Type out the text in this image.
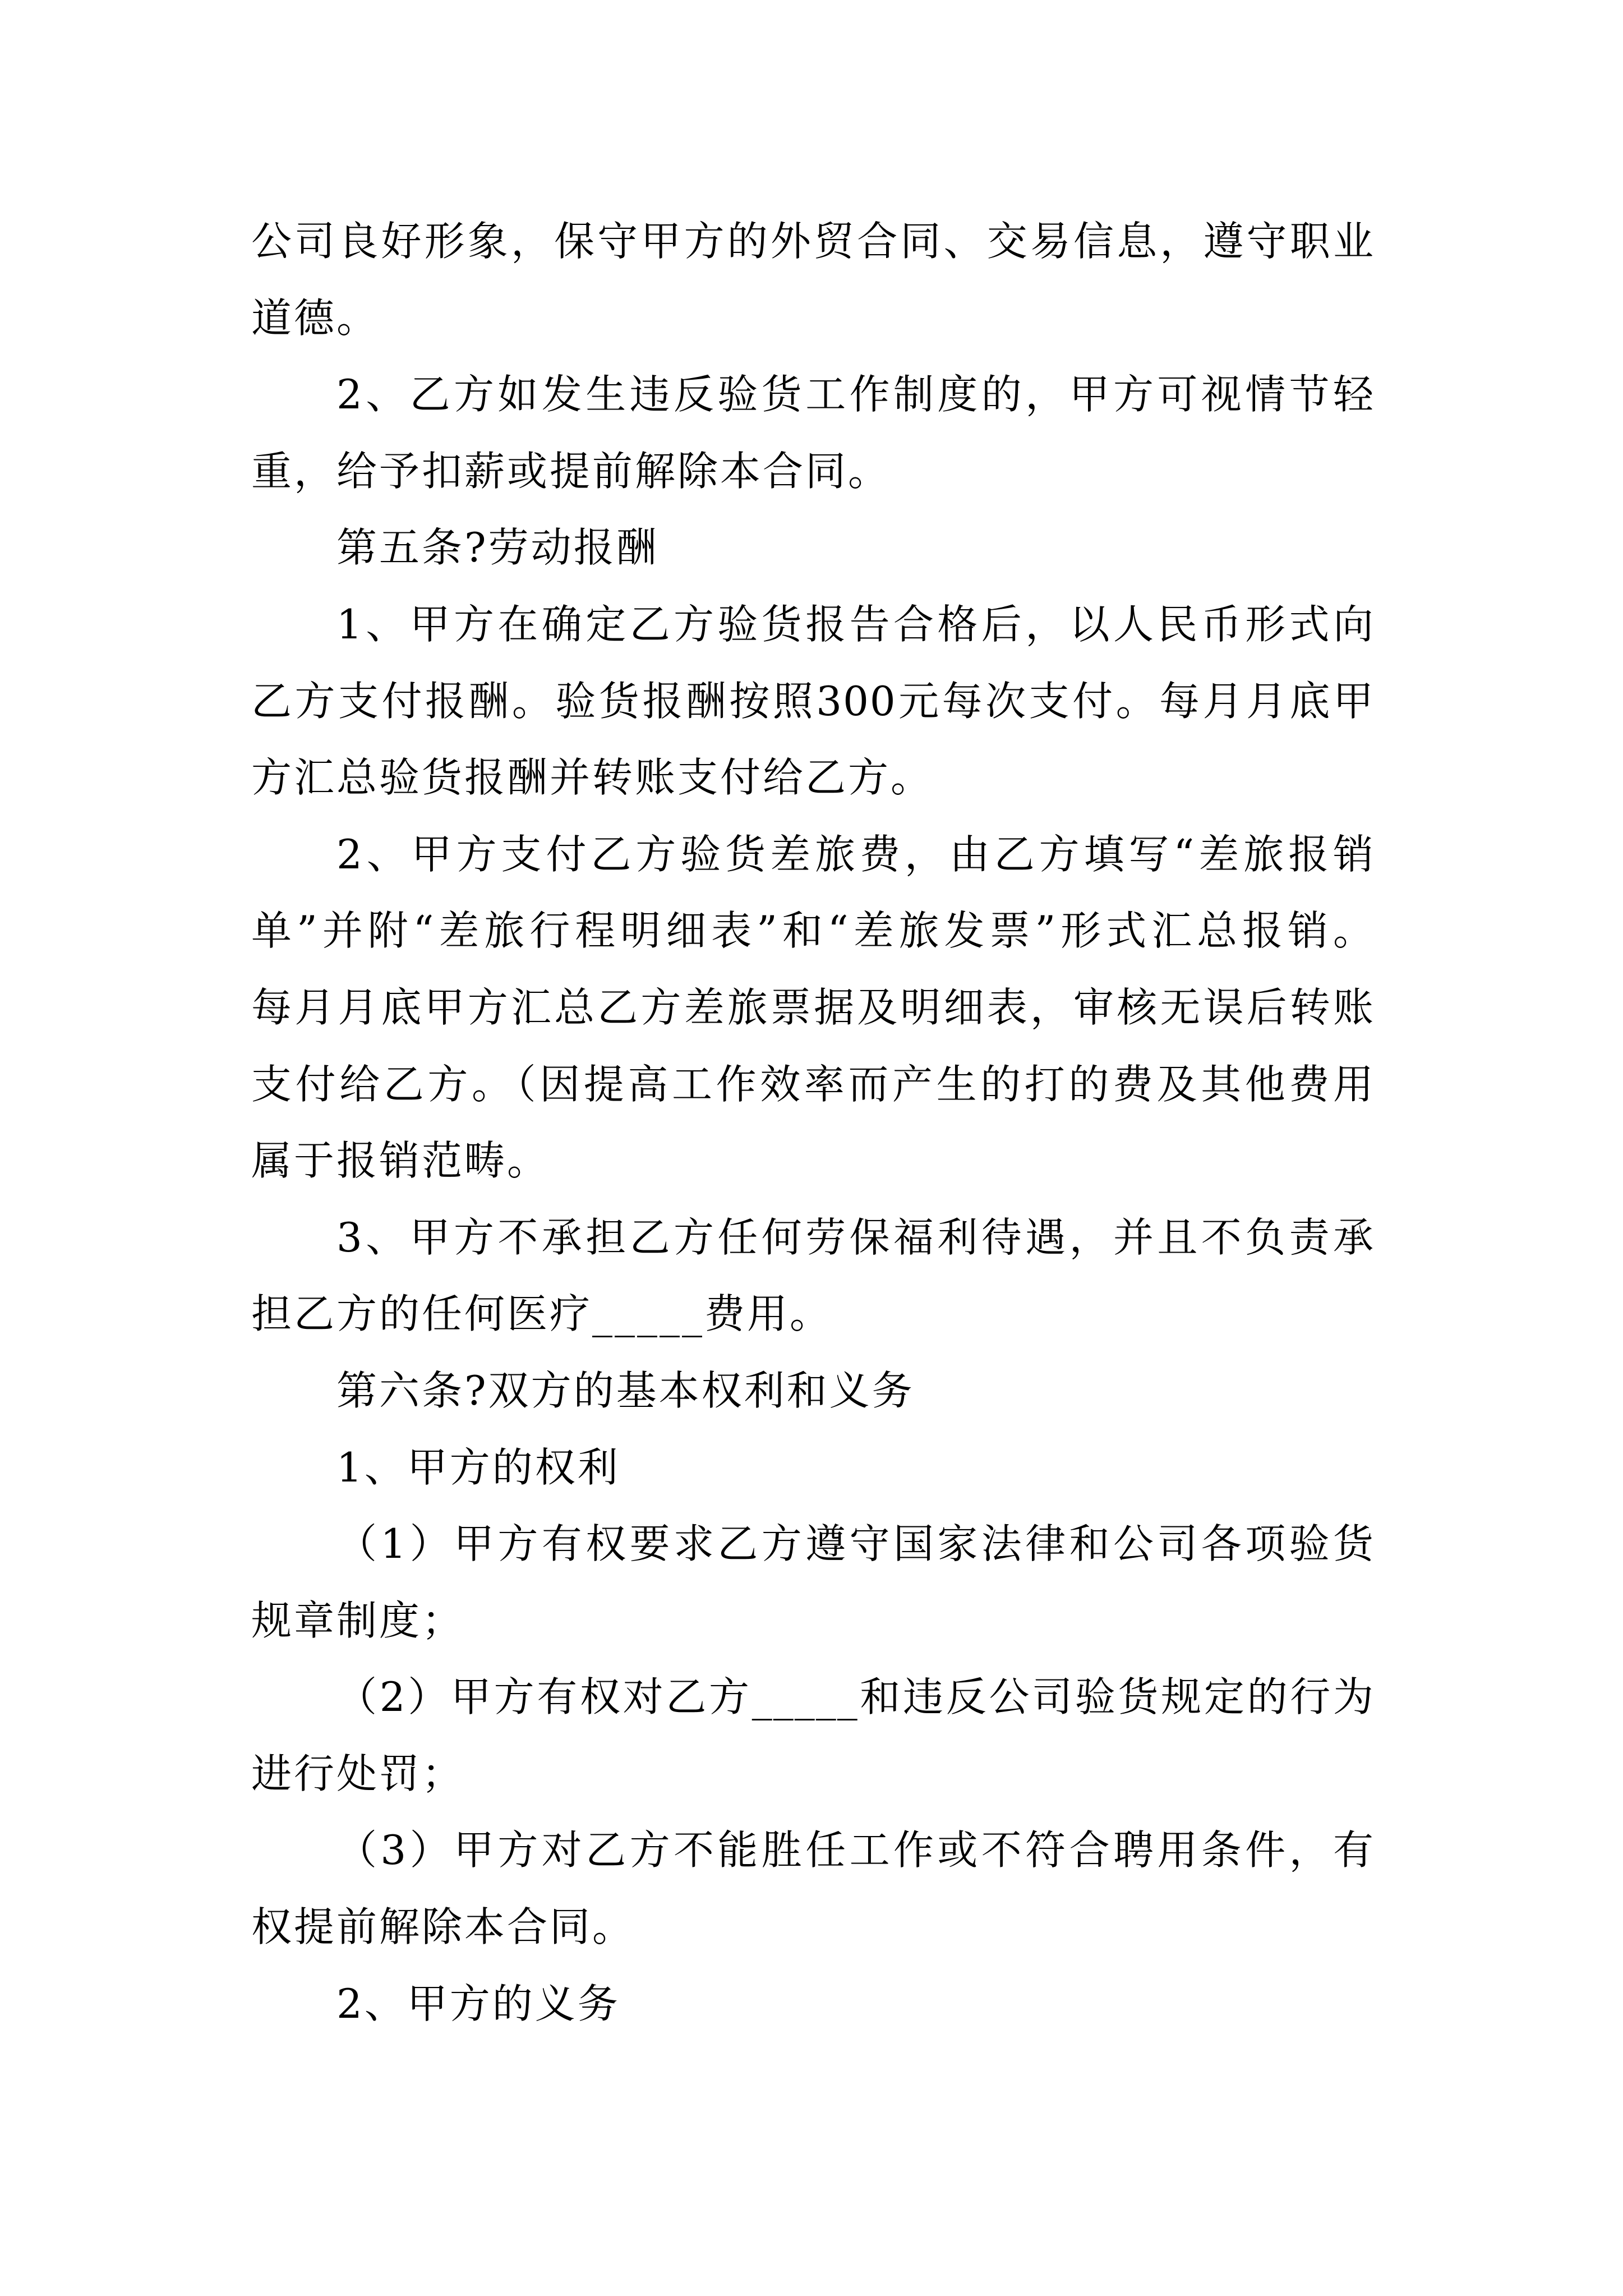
公司良好形象，保守甲方的外贸合同、交易信息，遵守职业
道德。
2、乙方如发生违反验货工作制度的，甲方可视情节轻
重，给予扣薪或提前解除本合同。
第五条?劳动报酬
1、甲方在确定乙方验货报告合格后，以人民币形式向
乙方支付报酬。验货报酬按照300元每次支付。每月月底甲
方汇总验货报酬并转账支付给乙方。
2、甲方支付乙方验货差旅费，由乙方填写“差旅报销
单”并附“差旅行程明细表”和“差旅发票”形式汇总报销。
每月月底甲方汇总乙方差旅票据及明细表，审核无误后转账
支付给乙方。（因提高工作效率而产生的打的费及其他费用
属于报销范畴。
3、甲方不承担乙方任何劳保福利待遇，并且不负责承
担乙方的任何医疗_____费用。
第六条?双方的基本权利和义务
1、甲方的权利
（1）甲方有权要求乙方遵守国家法律和公司各项验货
规章制度；
（2）甲方有权对乙方_____和违反公司验货规定的行为
进行处罚；
（3）甲方对乙方不能胜任工作或不符合聘用条件，有
权提前解除本合同。
2、甲方的义务
